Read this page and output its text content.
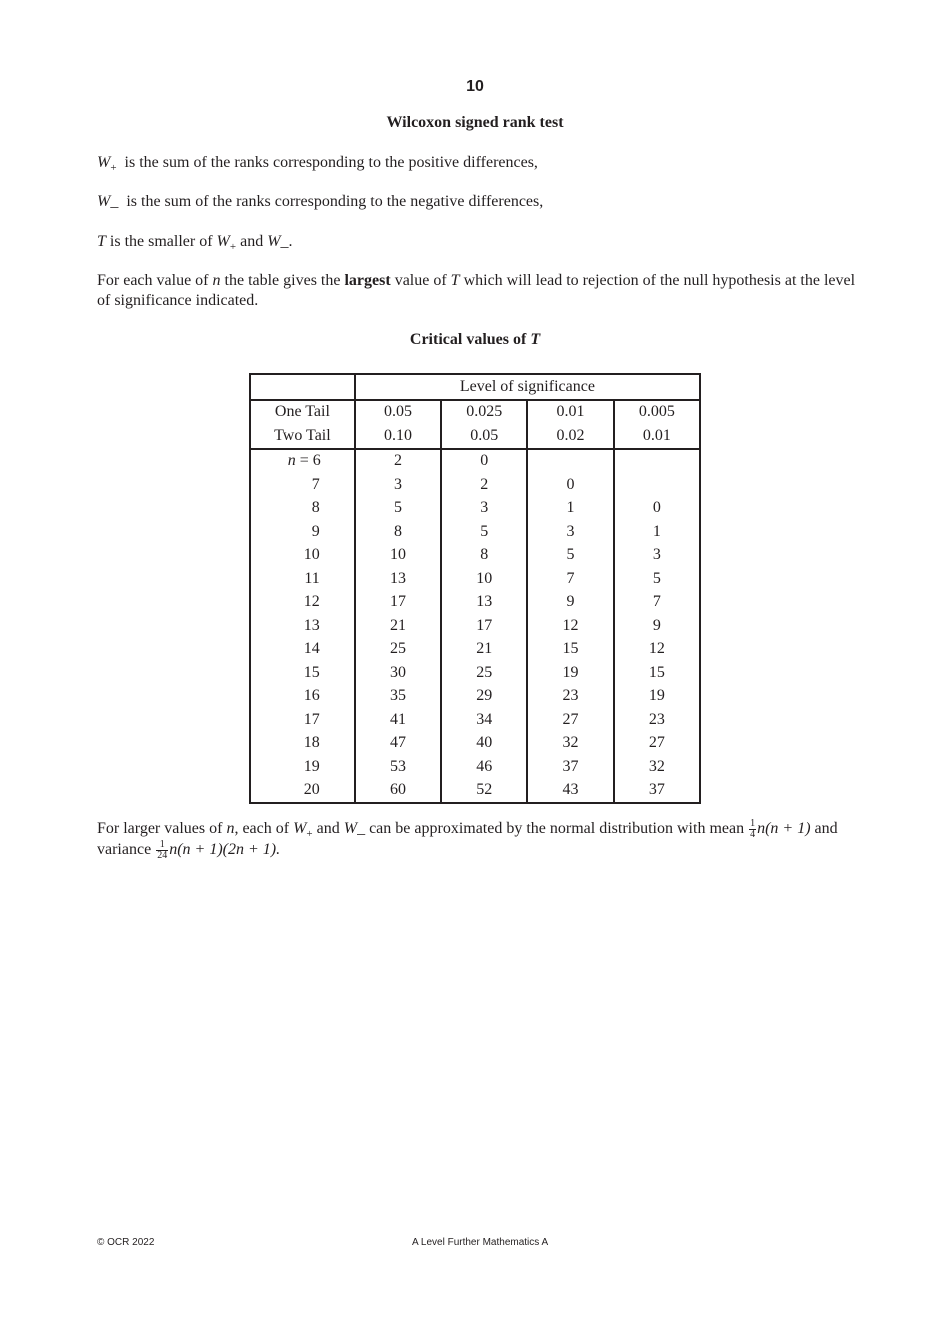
10
Wilcoxon signed rank test
$W_+$ is the sum of the ranks corresponding to the positive differences,
W_ is the sum of the ranks corresponding to the negative differences,
T is the smaller of $W_+$ and W_.
For each value of n the table gives the largest value of T which will lead to rejection of the null hypothesis at the level of significance indicated.
Critical values of T
	Level of significance			
One Tail	0.05	0.025	0.01	0.005
Two Tail	0.10	0.05	0.02	0.01
n = 6	2	0		
7	3	2	0	
8	5	3	1	0
9	8	5	3	1
10	10	8	5	3
11	13	10	7	5
12	17	13	9	7
13	21	17	12	9
14	25	21	15	12
15	30	25	19	15
16	35	29	23	19
17	41	34	27	23
18	47	40	32	27
19	53	46	37	32
20	60	52	43	37
For larger values of n, each of $W_+$ and W_ can be approximated by the normal distribution with mean $\frac{1}{4} n(n + 1)$ and variance $\frac{1}{24} n(n + 1)(2n + 1)$.
© OCR 2022	A Level Further Mathematics A
